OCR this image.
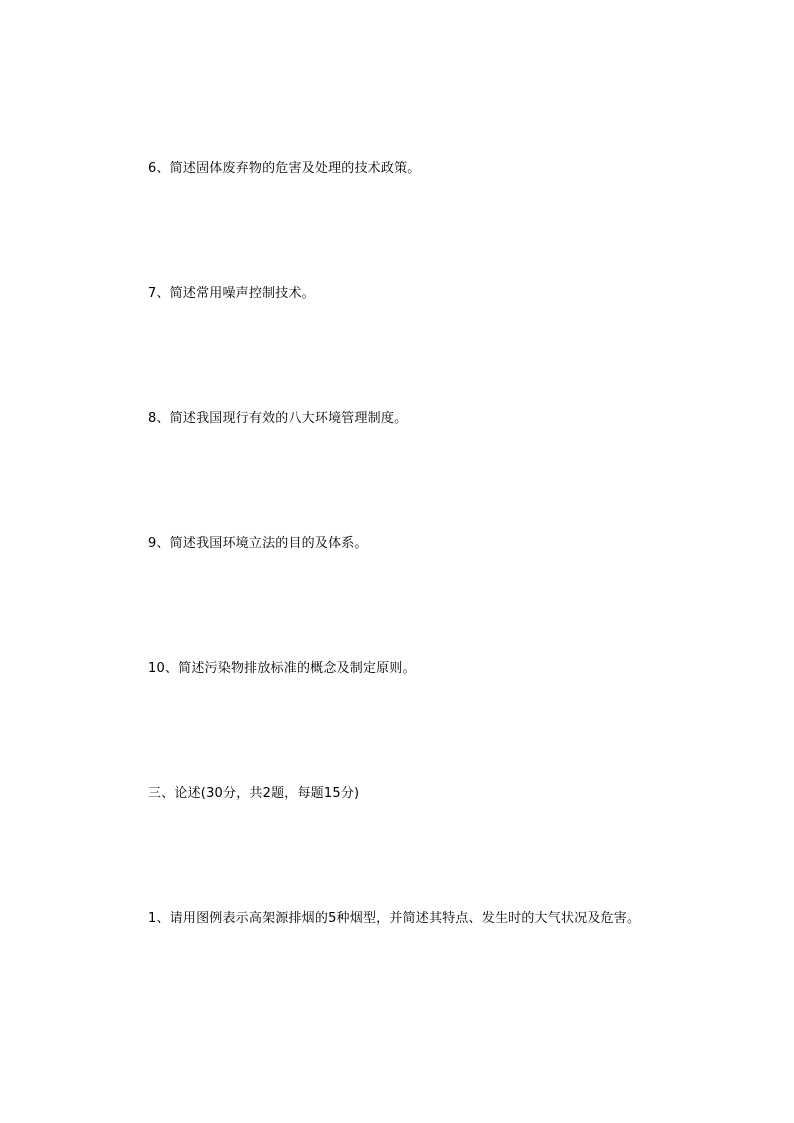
6、简述固体废弃物的危害及处理的技术政策。
7、简述常用噪声控制技术。
8、简述我国现行有效的八大环境管理制度。
9、简述我国环境立法的目的及体系。
10、简述污染物排放标准的概念及制定原则。
三、论述(30分，共2题，每题15分)
1、请用图例表示高架源排烟的5种烟型，并简述其特点、发生时的大气状况及危害。
